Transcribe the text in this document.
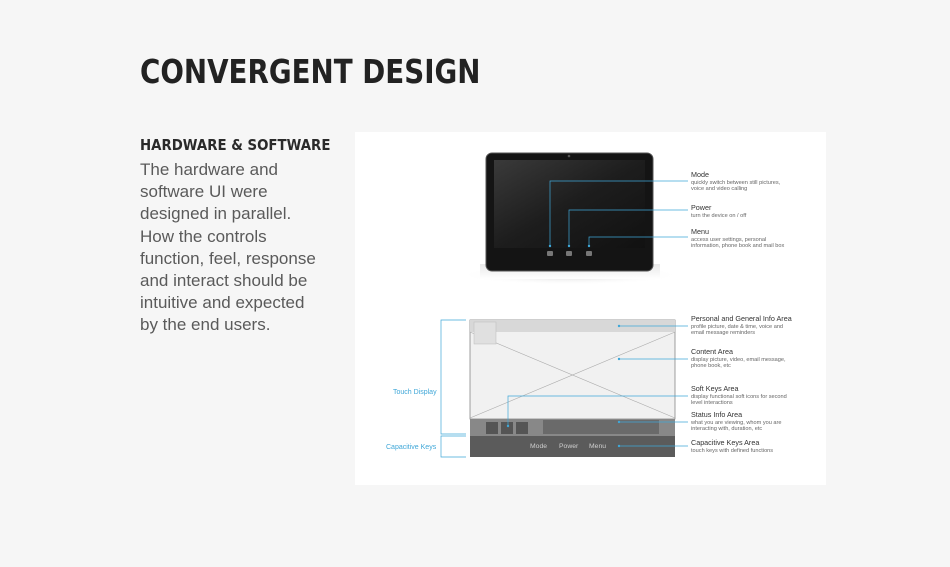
CONVERGENT DESIGN
HARDWARE & SOFTWARE
The hardware and
software UI were
designed in parallel.
How the controls
function, feel, response
and interact should be
intuitive and expected
by the end users.
Mode
quickly switch between still pictures,
voice and video calling
Power
turn the device on / off
Menu
access user settings, personal
information, phone book and mail box
Mode Power Menu
Touch Display
Capacitive Keys
Personal and General Info Area
profile picture, date & time, voice and
email message reminders
Content Area
display picture, video, email message,
phone book, etc
Soft Keys Area
display functional soft icons for second
level interactions
Status Info Area
what you are viewing, whom you are
interacting with, duration, etc
Capacitive Keys Area
touch keys with defined functions
